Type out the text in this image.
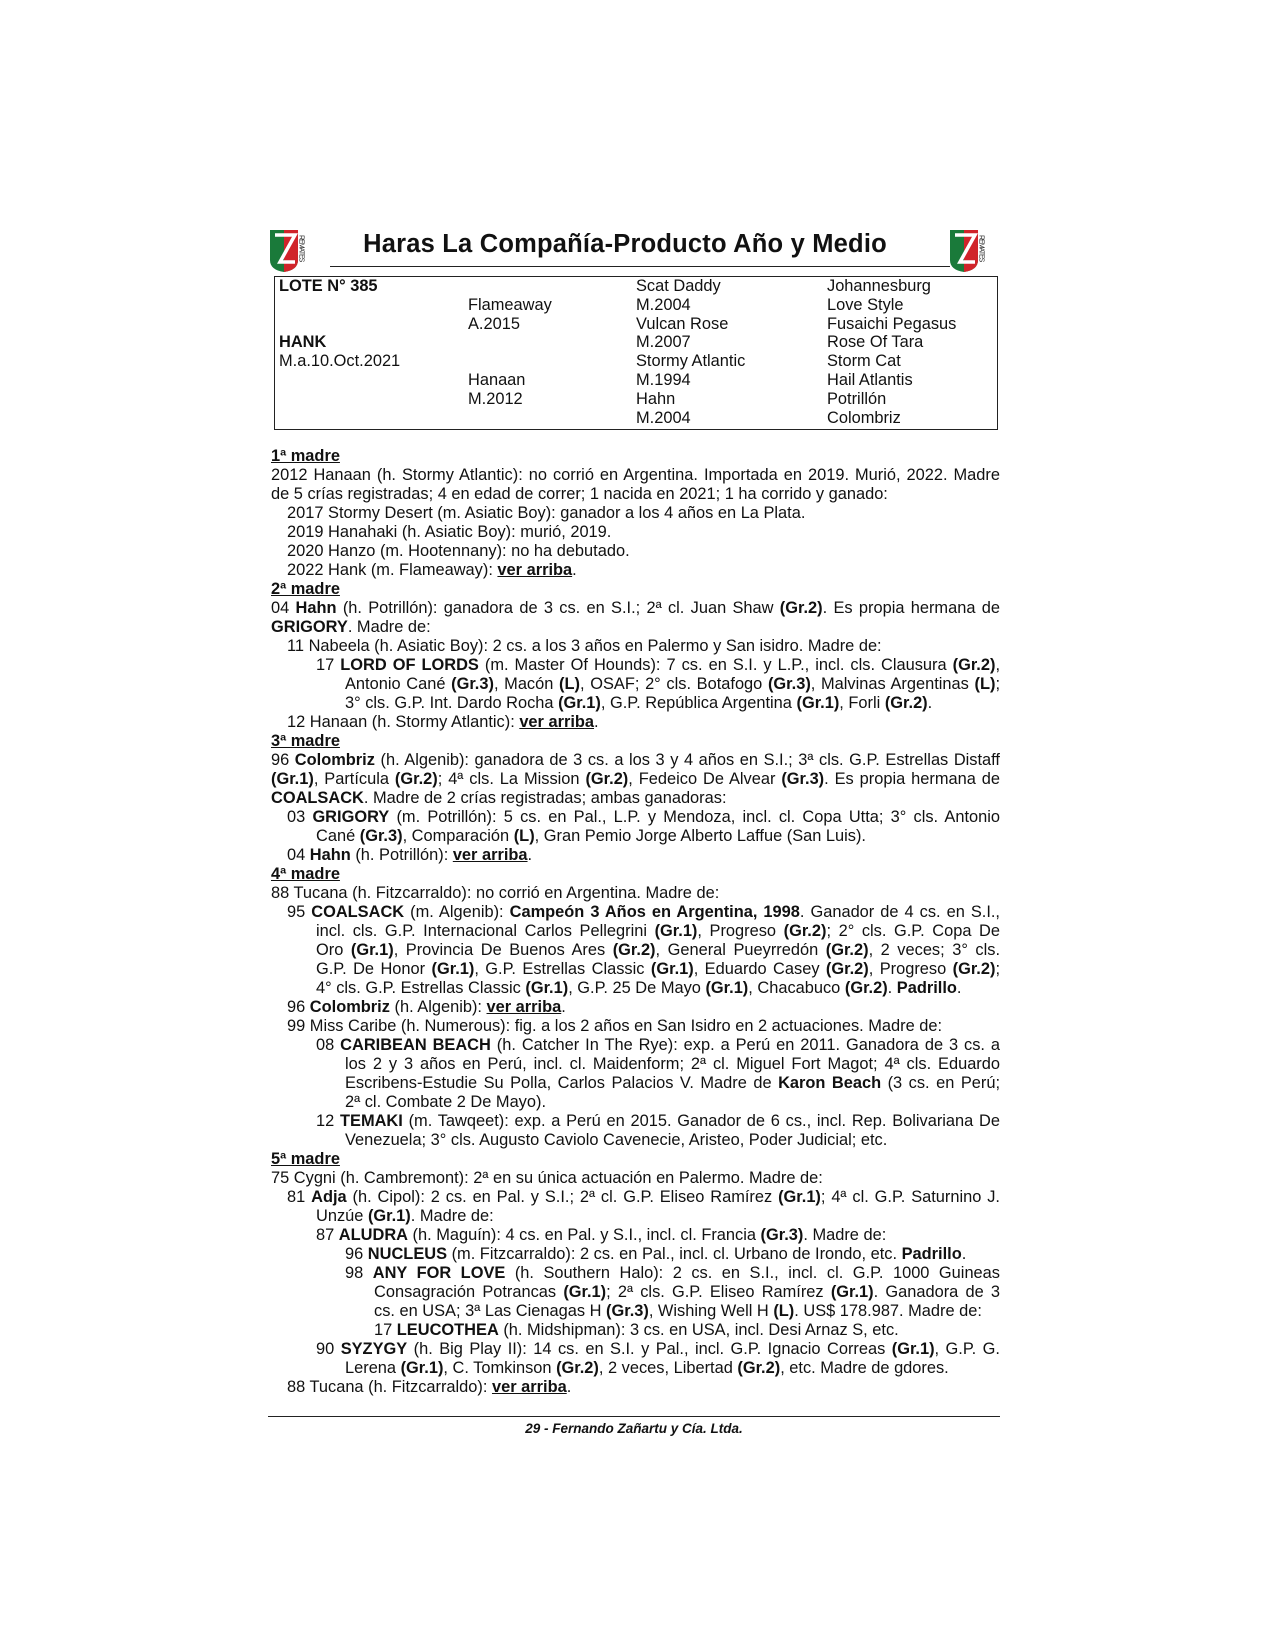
REMATES	Haras La Compañía-Producto Año y Medio	REMATES
LOTE N° 385
HANK
M.a.10.Oct.2021
Flameaway
A.2015
Hanaan
M.2012
Scat Daddy
M.2004
Vulcan Rose
M.2007
Stormy Atlantic
M.1994
Hahn
M.2004
Johannesburg
Love Style
Fusaichi Pegasus
Rose Of Tara
Storm Cat
Hail Atlantis
Potrillón
Colombriz
1ª madre
2012 Hanaan (h. Stormy Atlantic): no corrió en Argentina. Importada en 2019. Murió, 2022. Madre
de 5 crías registradas; 4 en edad de correr; 1 nacida en 2021; 1 ha corrido y ganado:
2017 Stormy Desert (m. Asiatic Boy): ganador a los 4 años en La Plata.
2019 Hanahaki (h. Asiatic Boy): murió, 2019.
2020 Hanzo (m. Hootennany): no ha debutado.
2022 Hank (m. Flameaway): ver arriba.
2ª madre
04 Hahn (h. Potrillón): ganadora de 3 cs. en S.I.; 2ª cl. Juan Shaw (Gr.2). Es propia hermana de
GRIGORY. Madre de:
11 Nabeela (h. Asiatic Boy): 2 cs. a los 3 años en Palermo y San isidro. Madre de:
17 LORD OF LORDS (m. Master Of Hounds): 7 cs. en S.I. y L.P., incl. cls. Clausura (Gr.2),
Antonio Cané (Gr.3), Macón (L), OSAF; 2° cls. Botafogo (Gr.3), Malvinas Argentinas (L);
3° cls. G.P. Int. Dardo Rocha (Gr.1), G.P. República Argentina (Gr.1), Forli (Gr.2).
12 Hanaan (h. Stormy Atlantic): ver arriba.
3ª madre
96 Colombriz (h. Algenib): ganadora de 3 cs. a los 3 y 4 años en S.I.; 3ª cls. G.P. Estrellas Distaff
(Gr.1), Partícula (Gr.2); 4ª cls. La Mission (Gr.2), Fedeico De Alvear (Gr.3). Es propia hermana de
COALSACK. Madre de 2 crías registradas; ambas ganadoras:
03 GRIGORY (m. Potrillón): 5 cs. en Pal., L.P. y Mendoza, incl. cl. Copa Utta; 3° cls. Antonio
Cané (Gr.3), Comparación (L), Gran Pemio Jorge Alberto Laffue (San Luis).
04 Hahn (h. Potrillón): ver arriba.
4ª madre
88 Tucana (h. Fitzcarraldo): no corrió en Argentina. Madre de:
95 COALSACK (m. Algenib): Campeón 3 Años en Argentina, 1998. Ganador de 4 cs. en S.I.,
incl. cls. G.P. Internacional Carlos Pellegrini (Gr.1), Progreso (Gr.2); 2° cls. G.P. Copa De
Oro (Gr.1), Provincia De Buenos Ares (Gr.2), General Pueyrredón (Gr.2), 2 veces; 3° cls.
G.P. De Honor (Gr.1), G.P. Estrellas Classic (Gr.1), Eduardo Casey (Gr.2), Progreso (Gr.2);
4° cls. G.P. Estrellas Classic (Gr.1), G.P. 25 De Mayo (Gr.1), Chacabuco (Gr.2). Padrillo.
96 Colombriz (h. Algenib): ver arriba.
99 Miss Caribe (h. Numerous): fig. a los 2 años en San Isidro en 2 actuaciones. Madre de:
08 CARIBEAN BEACH (h. Catcher In The Rye): exp. a Perú en 2011. Ganadora de 3 cs. a
los 2 y 3 años en Perú, incl. cl. Maidenform; 2ª cl. Miguel Fort Magot; 4ª cls. Eduardo
Escribens-Estudie Su Polla, Carlos Palacios V. Madre de Karon Beach (3 cs. en Perú;
2ª cl. Combate 2 De Mayo).
12 TEMAKI (m. Tawqeet): exp. a Perú en 2015. Ganador de 6 cs., incl. Rep. Bolivariana De
Venezuela; 3° cls. Augusto Caviolo Cavenecie, Aristeo, Poder Judicial; etc.
5ª madre
75 Cygni (h. Cambremont): 2ª en su única actuación en Palermo. Madre de:
81 Adja (h. Cipol): 2 cs. en Pal. y S.I.; 2ª cl. G.P. Eliseo Ramírez (Gr.1); 4ª cl. G.P. Saturnino J.
Unzúe (Gr.1). Madre de:
87 ALUDRA (h. Maguín): 4 cs. en Pal. y S.I., incl. cl. Francia (Gr.3). Madre de:
96 NUCLEUS (m. Fitzcarraldo): 2 cs. en Pal., incl. cl. Urbano de Irondo, etc. Padrillo.
98 ANY FOR LOVE (h. Southern Halo): 2 cs. en S.I., incl. cl. G.P. 1000 Guineas
Consagración Potrancas (Gr.1); 2ª cls. G.P. Eliseo Ramírez (Gr.1). Ganadora de 3
cs. en USA; 3ª Las Cienagas H (Gr.3), Wishing Well H (L). US$ 178.987. Madre de:
17 LEUCOTHEA (h. Midshipman): 3 cs. en USA, incl. Desi Arnaz S, etc.
90 SYZYGY (h. Big Play II): 14 cs. en S.I. y Pal., incl. G.P. Ignacio Correas (Gr.1), G.P. G.
Lerena (Gr.1), C. Tomkinson (Gr.2), 2 veces, Libertad (Gr.2), etc. Madre de gdores.
88 Tucana (h. Fitzcarraldo): ver arriba.
29 - Fernando Zañartu y Cía. Ltda.
